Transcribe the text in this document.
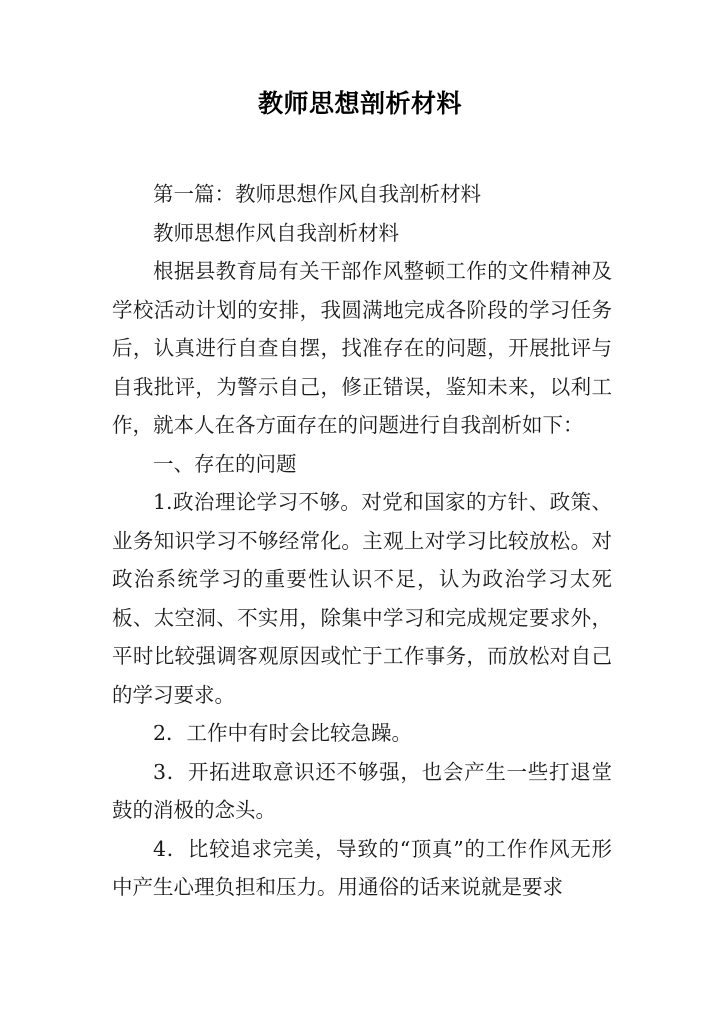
教师思想剖析材料

第一篇：教师思想作风自我剖析材料

教师思想作风自我剖析材料

根据县教育局有关干部作风整顿工作的文件精神及学校活动计划的安排，我圆满地完成各阶段的学习任务后，认真进行自查自摆，找准存在的问题，开展批评与自我批评，为警示自己，修正错误，鉴知未来，以利工作，就本人在各方面存在的问题进行自我剖析如下：

一、存在的问题

1.政治理论学习不够。对党和国家的方针、政策、业务知识学习不够经常化。主观上对学习比较放松。对政治系统学习的重要性认识不足，认为政治学习太死板、太空洞、不实用，除集中学习和完成规定要求外，平时比较强调客观原因或忙于工作事务，而放松对自己的学习要求。

2．工作中有时会比较急躁。

3．开拓进取意识还不够强，也会产生一些打退堂鼓的消极的念头。

4．比较追求完美，导致的“顶真”的工作作风无形中产生心理负担和压力。用通俗的话来说就是要求
